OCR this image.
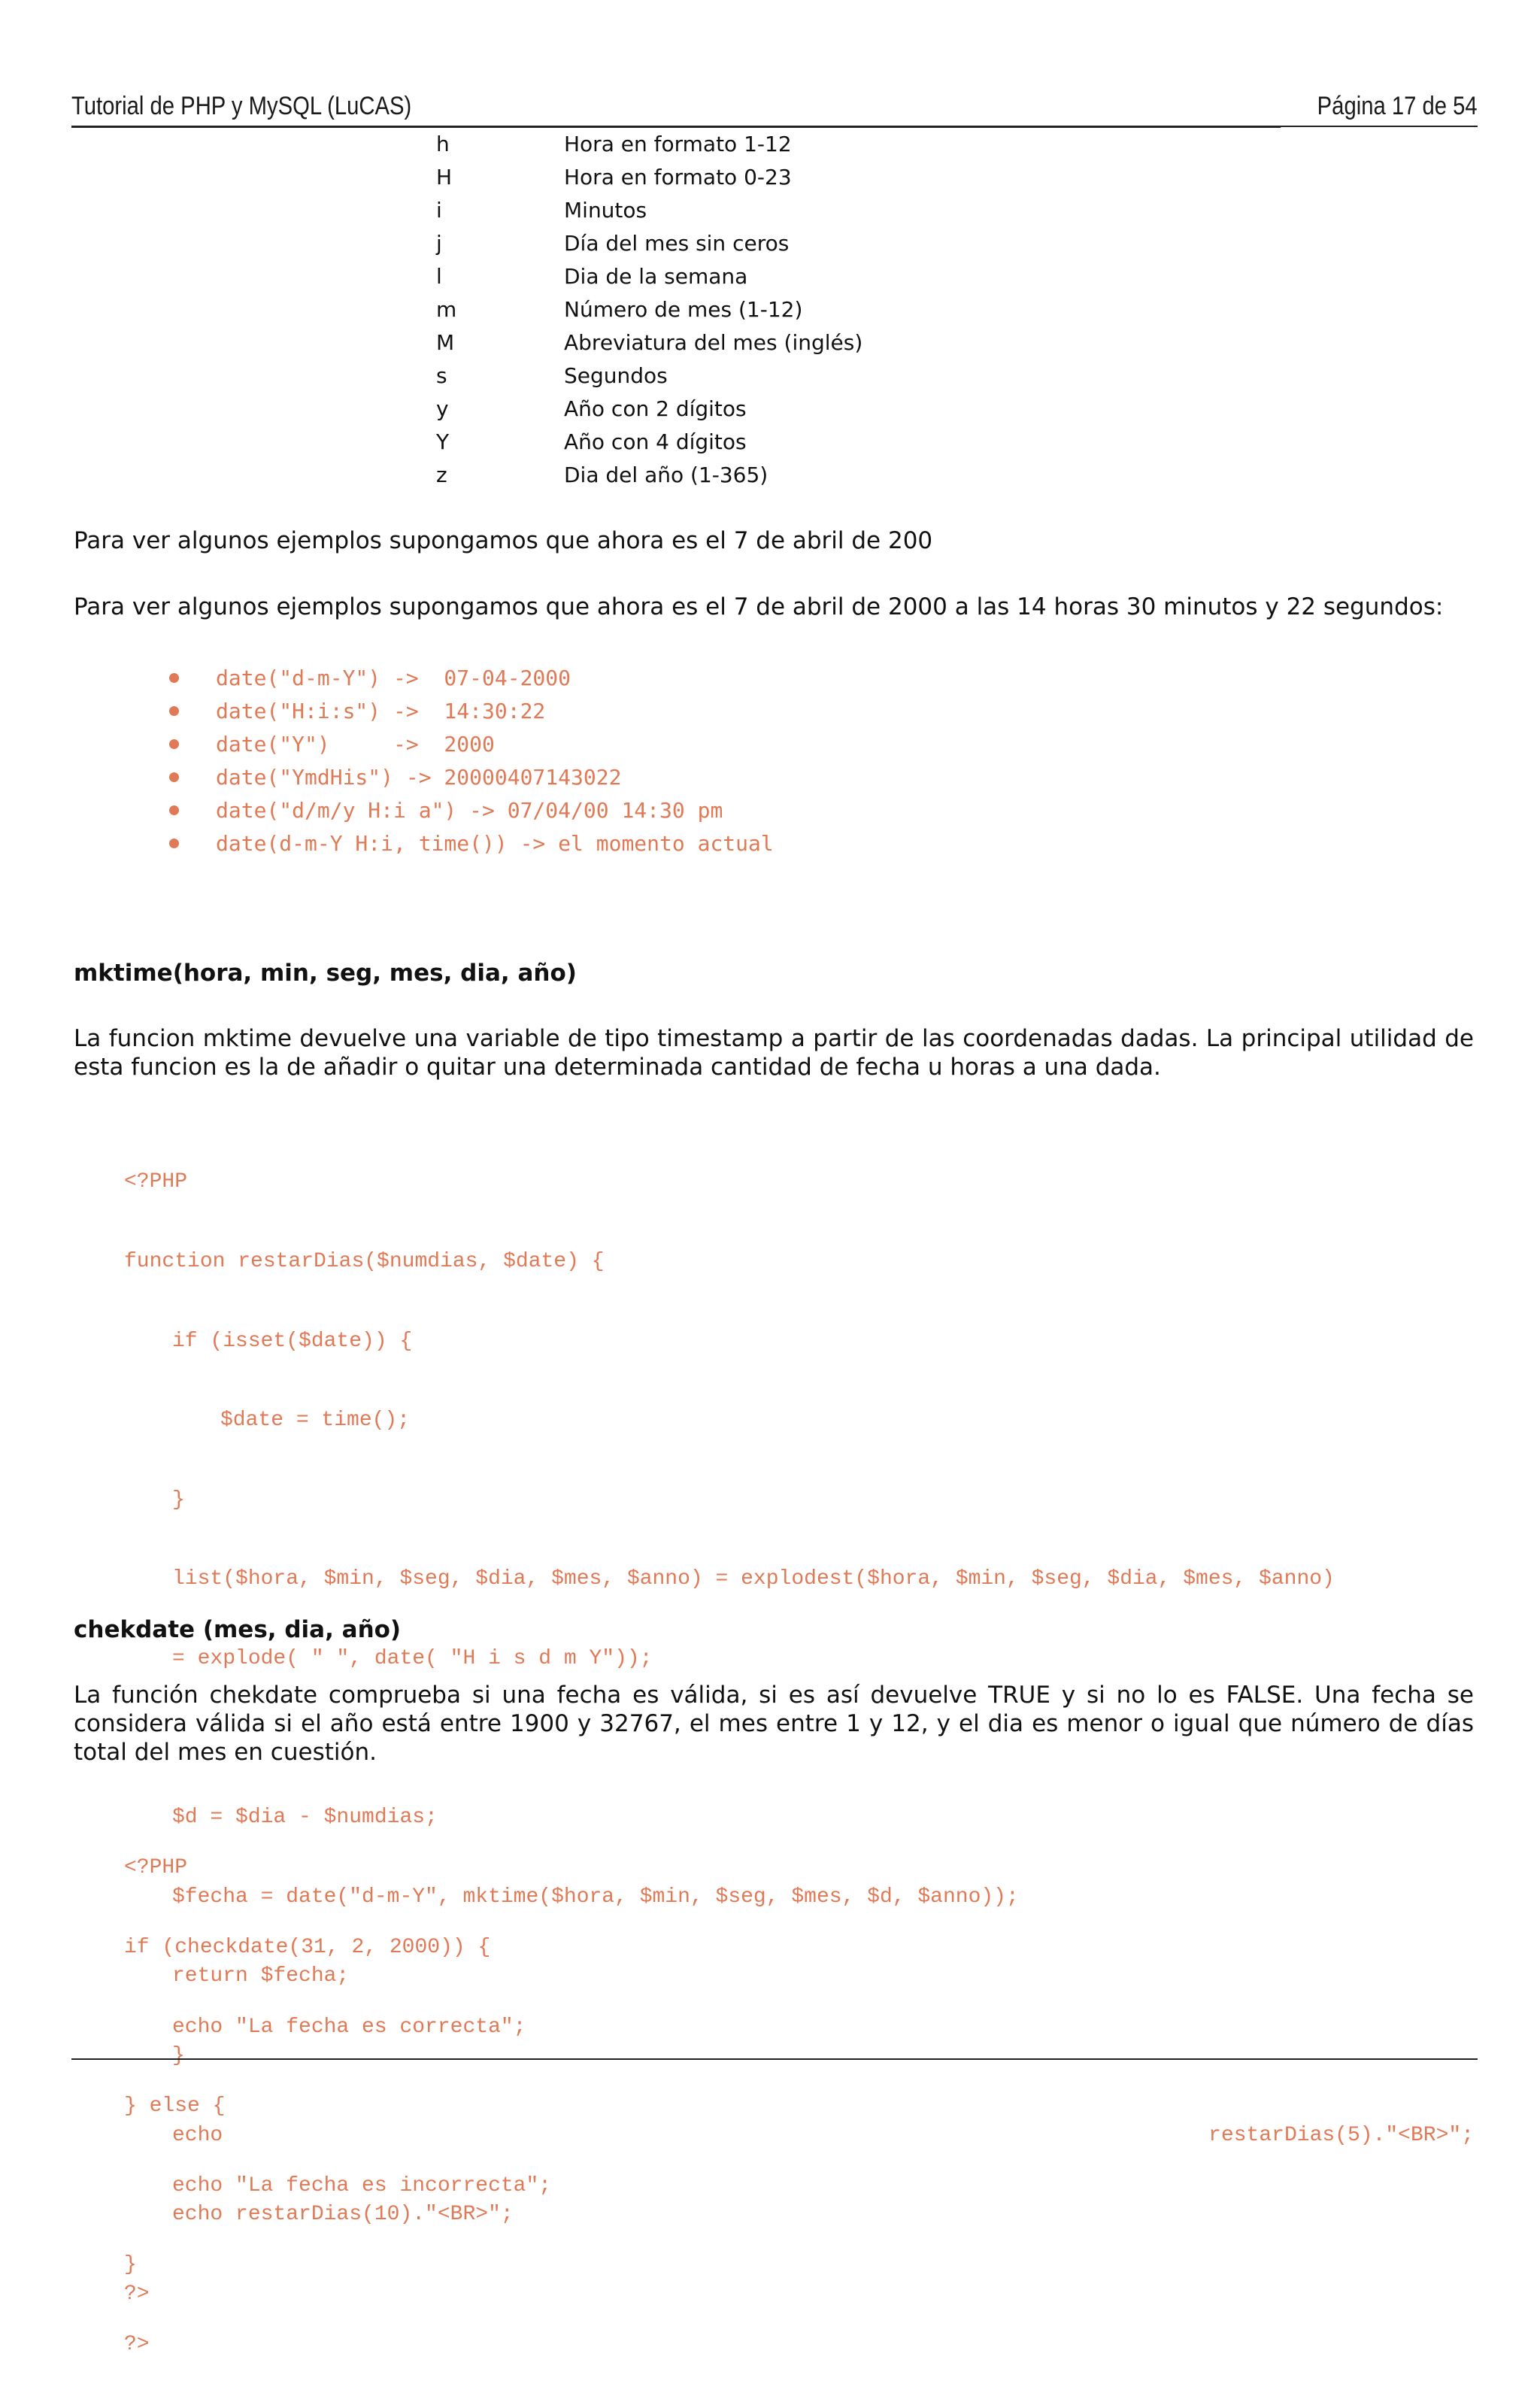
Tutorial de PHP y MySQL (LuCAS)	Página 17 de 54
h	Hora en formato 1-12
H	Hora en formato 0-23
i	Minutos
j	Día del mes sin ceros
l	Dia de la semana
m	Número de mes (1-12)
M	Abreviatura del mes (inglés)
s	Segundos
y	Año con 2 dígitos
Y	Año con 4 dígitos
z	Dia del año (1-365)
Para ver algunos ejemplos supongamos que ahora es el 7 de abril de 200
Para ver algunos ejemplos supongamos que ahora es el 7 de abril de 2000 a las 14 horas 30 minutos y 22 segundos:
date("d-m-Y") ->  07-04-2000
date("H:i:s") ->  14:30:22
date("Y")     ->  2000
date("YmdHis") -> 20000407143022
date("d/m/y H:i a") -> 07/04/00 14:30 pm
date(d-m-Y H:i, time()) -> el momento actual
mktime(hora, min, seg, mes, dia, año)
La funcion mktime devuelve una variable de tipo timestamp a partir de las coordenadas dadas. La principal utilidad de esta funcion es la de añadir o quitar una determinada cantidad de fecha u horas a una dada.

<?PHP

function restarDias($numdias, $date) {

if (isset($date)) {

$date = time();

}

list($hora, $min, $seg, $dia, $mes, $anno) = explodest($hora, $min, $seg, $dia, $mes, $anno)

= explode( " ", date( "H i s d m Y"));

$d = $dia - $numdias;

$fecha = date("d-m-Y", mktime($hora, $min, $seg, $mes, $d, $anno));

return $fecha;

}

echo	restarDias(5)."<BR>";

echo restarDias(10)."<BR>";

?>

chekdate (mes, dia, año)
La función chekdate comprueba si una fecha es válida, si es así devuelve TRUE y si no lo es FALSE. Una fecha se considera válida si el año está entre 1900 y 32767, el mes entre 1 y 12, y el dia es menor o igual que número de días total del mes en cuestión.

<?PHP

if (checkdate(31, 2, 2000)) {

echo "La fecha es correcta";

} else {

echo "La fecha es incorrecta";

}

?>
